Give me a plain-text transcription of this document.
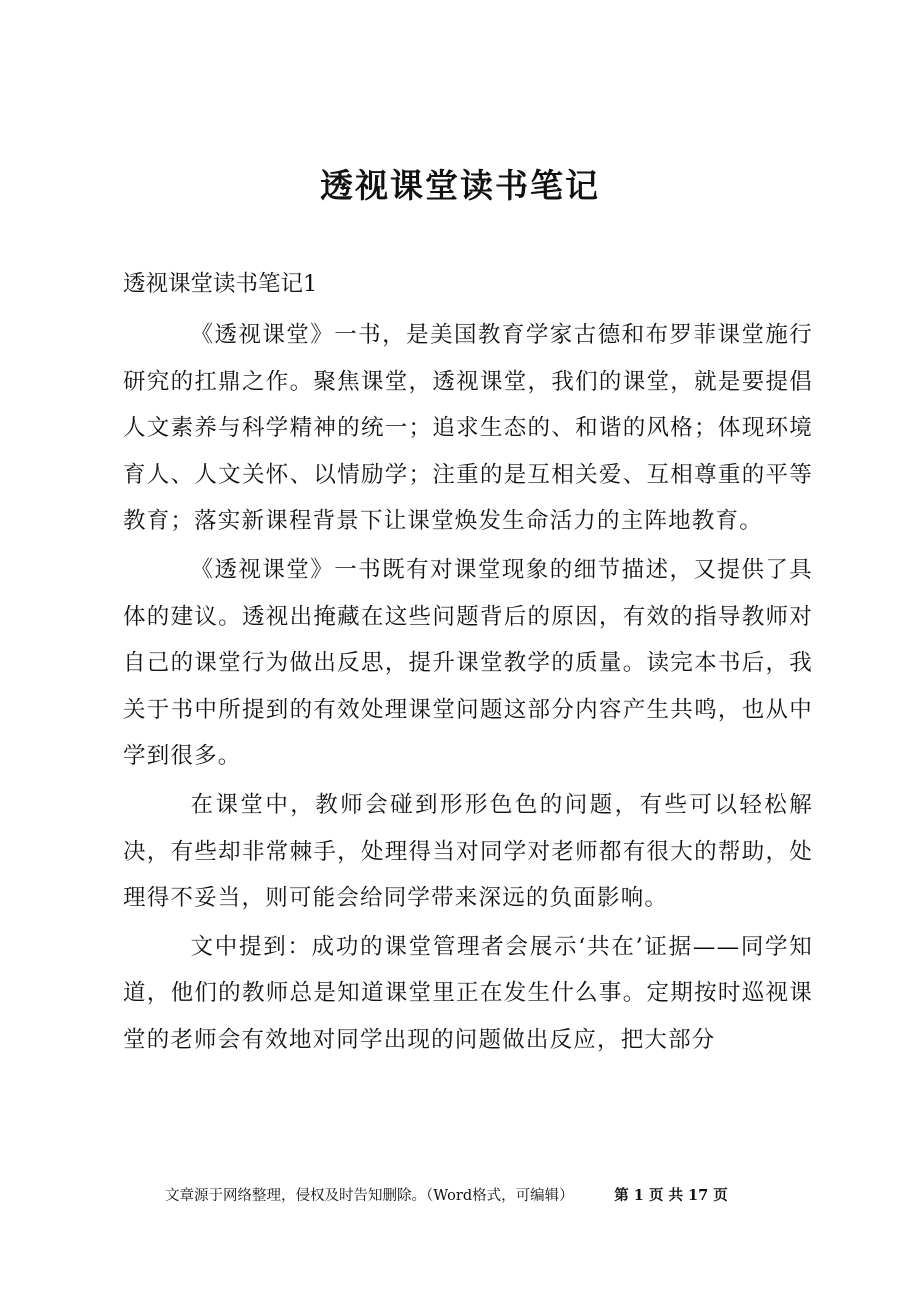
透视课堂读书笔记
透视课堂读书笔记1

《透视课堂》一书，是美国教育学家古德和布罗菲课堂施行研究的扛鼎之作。聚焦课堂，透视课堂，我们的课堂，就是要提倡人文素养与科学精神的统一；追求生态的、和谐的风格；体现环境育人、人文关怀、以情励学；注重的是互相关爱、互相尊重的平等教育；落实新课程背景下让课堂焕发生命活力的主阵地教育。

《透视课堂》一书既有对课堂现象的细节描述，又提供了具体的建议。透视出掩藏在这些问题背后的原因，有效的指导教师对自己的课堂行为做出反思，提升课堂教学的质量。读完本书后，我关于书中所提到的有效处理课堂问题这部分内容产生共鸣，也从中学到很多。

在课堂中，教师会碰到形形色色的问题，有些可以轻松解决，有些却非常棘手，处理得当对同学对老师都有很大的帮助，处理得不妥当，则可能会给同学带来深远的负面影响。

文中提到：成功的课堂管理者会展示‘共在’证据——同学知道，他们的教师总是知道课堂里正在发生什么事。定期按时巡视课堂的老师会有效地对同学出现的问题做出反应，把大部分

文章源于网络整理，侵权及时告知删除。（Word格式，可编辑）	第 1 页 共 17 页
